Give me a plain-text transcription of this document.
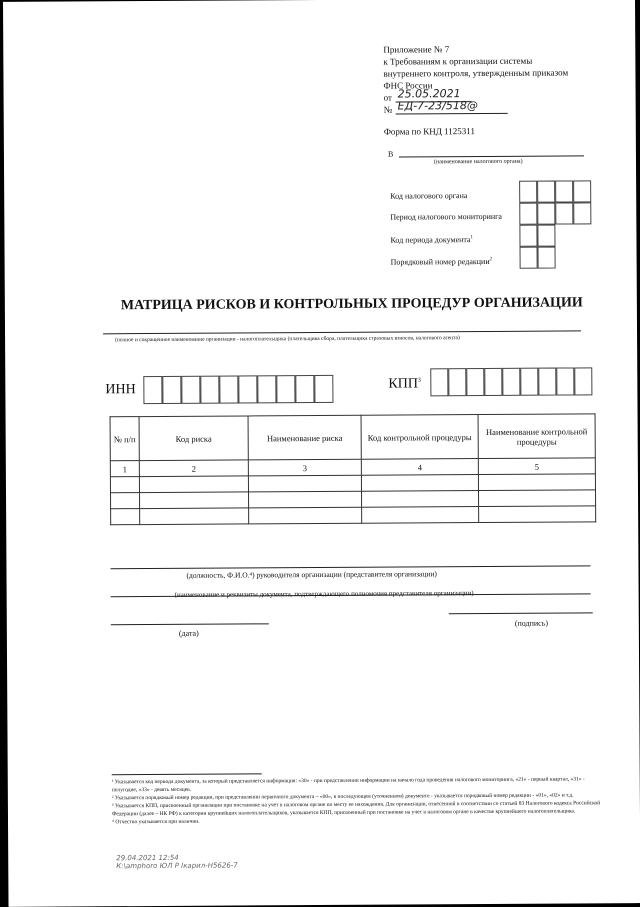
Приложение № 7
к Требованиям к организации системы
внутреннего контроля, утвержденным приказом
ФНС России
от 25.05.2021
№ ЕД-7-23/518@
Форма по КНД 1125311
В
(наименование налогового органа)
Код налогового органа
Период налогового мониторинга
Код периода документа$^1$
Порядковый номер редакции$^2$
МАТРИЦА РИСКОВ И КОНТРОЛЬНЫХ ПРОЦЕДУР ОРГАНИЗАЦИИ
(полное и сокращенное наименование организации - налогоплательщика (плательщика сбора, плательщика страховых взносов, налогового агента)
ИНН	КПП$^3$
№ п/п	Код риска	Наименование риска	Код контрольной процедуры	Наименование контрольной процедуры
1	2	3	4	5

(должность, Ф.И.О.⁴) руководителя организации (представителя организации)
(наименование и реквизиты документа, подтверждающего полномочия представителя организации)
(дата)
(подпись)
¹ Указывается код периода документа, за который представляется информация: «30» - при представлении информации на начало года проведения налогового мониторинга, «21» - первый квартал, «31» - полугодие, «33» - девять месяцев.
² Указывается порядковый номер редакции, при представлении первичного документа – «00», в последующем (уточненном) документе - указывается порядковый номер редакции - «01», «02» и т.д.
³ Указывается КПП, присвоенный организации при постановке на учет в налоговом органе по месту ее нахождения. Для организации, отнесенной в соответствии со статьей 83 Налогового кодекса Российской Федерации (далее – НК РФ) к категории крупнейших налогоплательщиков, указывается КПП, присвоенный при постановке на учет в налоговом органе в качестве крупнейшего налогоплательщика.
⁴ Отчество указывается при наличии.
29.04.2021 12:54
К:\amphoro ЮЛ Р Ікарил-Н5626-7
